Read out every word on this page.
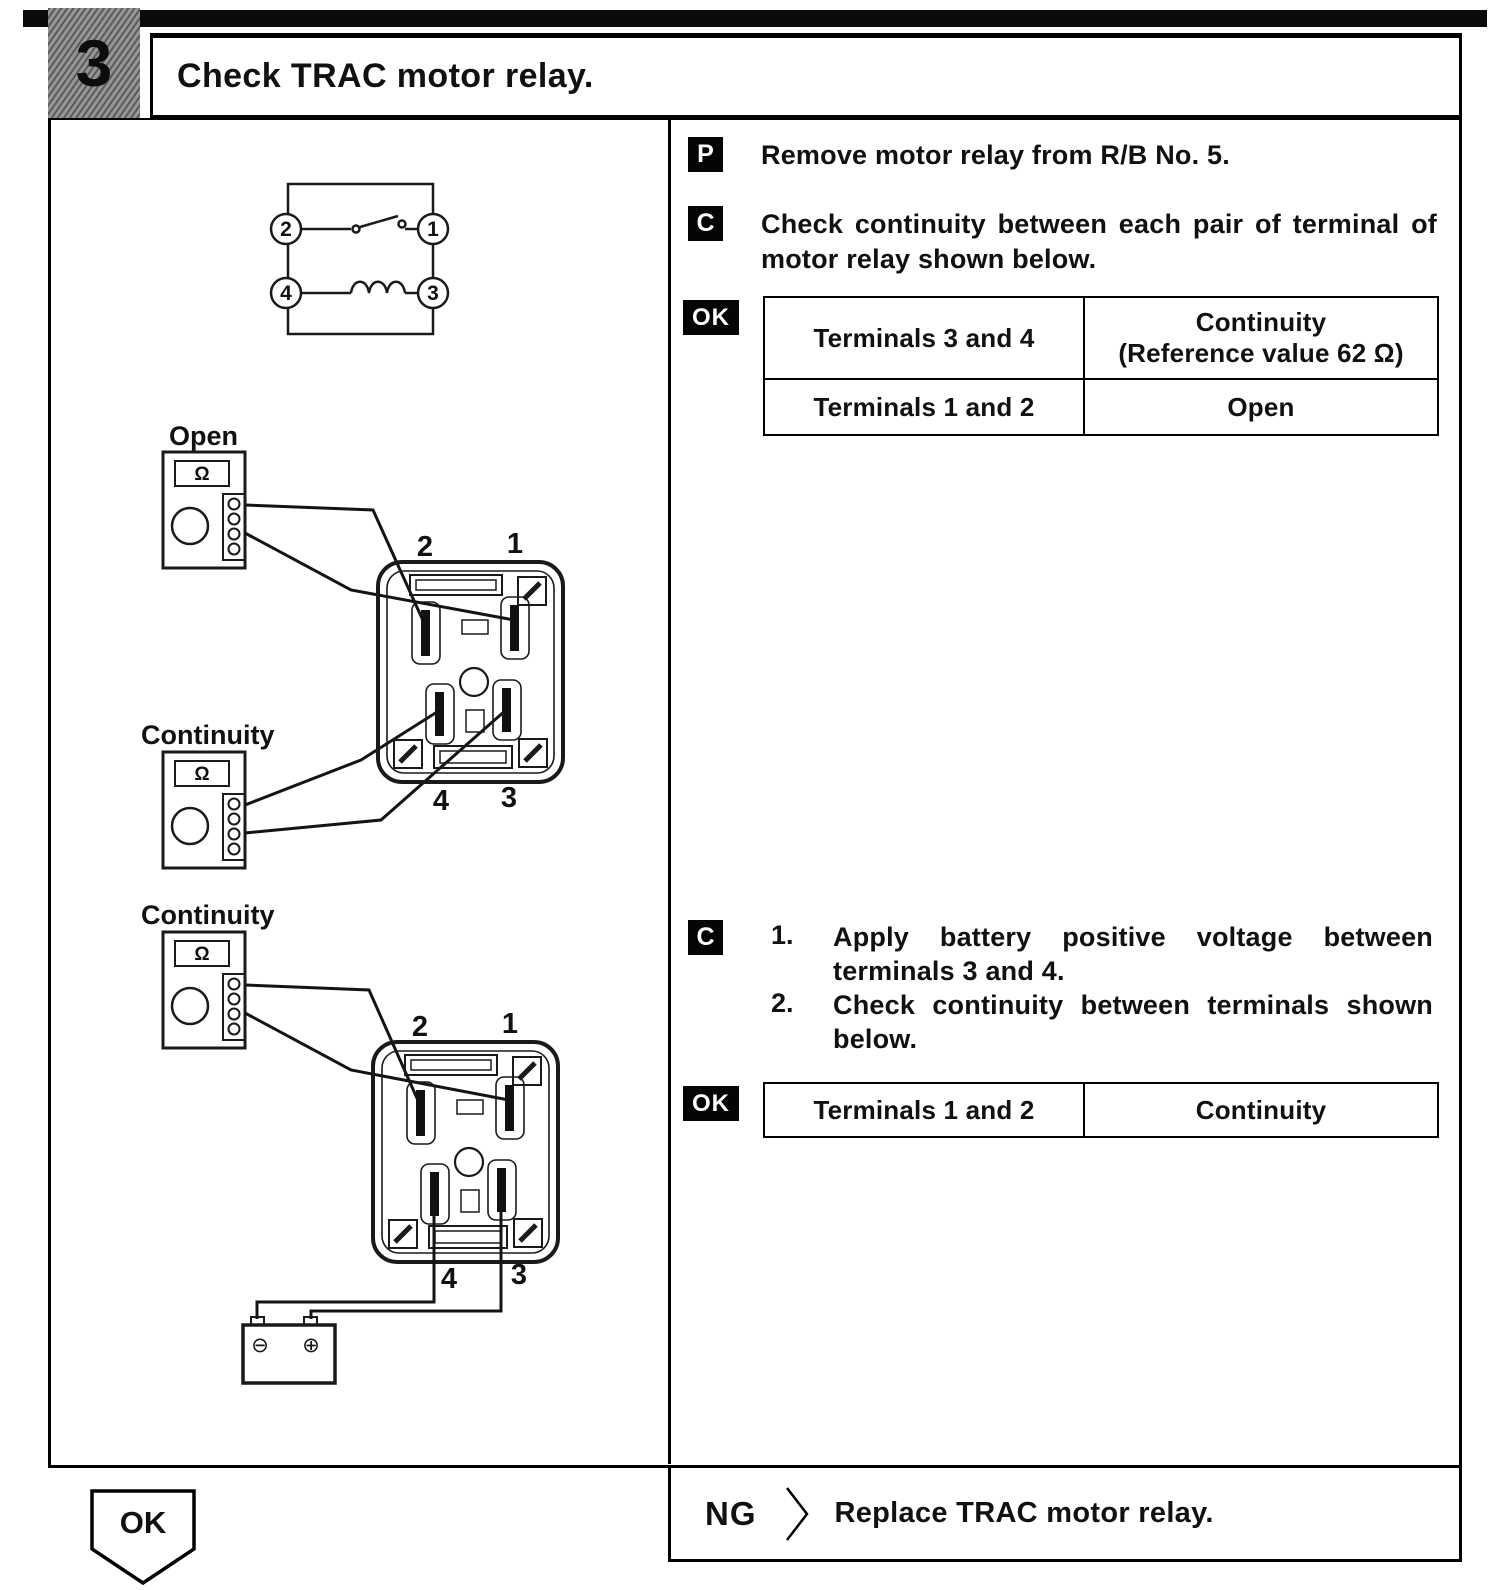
3 Check TRAC motor relay.
2	1
4	3
Open
Continuity
Continuity
Ω
Ω
Ω
2	1
4 3
2	1
4 3
⊖ ⊕
P	Remove motor relay from R/B No. 5.

C	Check continuity between each pair of terminal of motor relay shown below.

OK
Terminals 3 and 4	Continuity
(Reference value 62 Ω)

Terminals 1 and 2	Open
C	1.	Apply battery positive voltage between terminals 3 and 4.

2.	Check continuity between terminals shown below.

OK	Terminals 1 and 2	Continuity
OK	NG	Replace TRAC motor relay.
